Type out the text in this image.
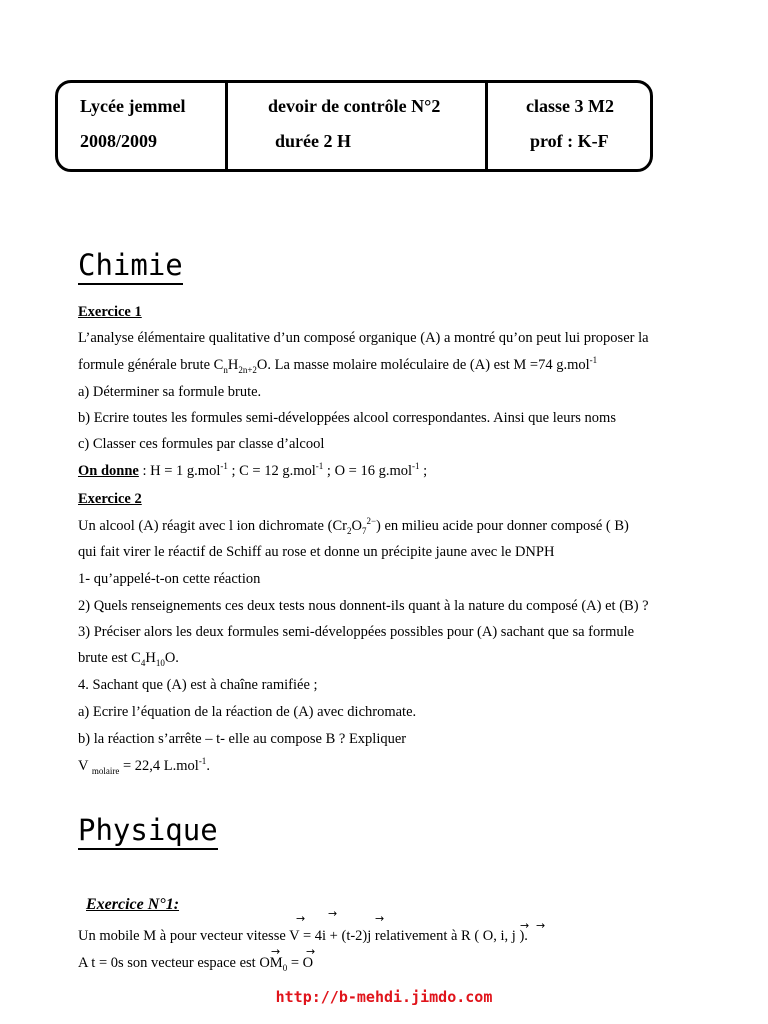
Lycée jemmel
2008/2009
devoir de contrôle N°2
durée 2 H
classe 3 M2
prof : K-F
Chimie
Exercice 1
L’analyse élémentaire qualitative d’un composé organique (A) a montré qu’on peut lui proposer la
formule générale brute $C_nH_{2n+2}O$. La masse molaire moléculaire de (A) est M =74 g.mol$^{-1}$
a) Déterminer sa formule brute.
b) Ecrire toutes les formules semi-développées alcool correspondantes. Ainsi que leurs noms
c) Classer ces formules par classe d’alcool
On donne : H = 1 g.mol$^{-1}$ ; C = 12 g.mol$^{-1}$ ; O = 16 g.mol$^{-1}$ ;
Exercice 2
Un alcool (A) réagit avec l ion dichromate $(Cr_2O_7^{2-})$ en milieu acide pour donner composé ( B)
qui fait virer le réactif de Schiff au rose et donne un précipite jaune avec le DNPH
1- qu’appelé-t-on cette réaction
2) Quels renseignements ces deux tests nous donnent-ils quant à la nature du composé (A) et (B) ?
3) Préciser alors les deux formules semi-développées possibles pour (A) sachant que sa formule
brute est $C_4H_{10}O$.
4. Sachant que (A) est à chaîne ramifiée ;
a) Ecrire l’équation de la réaction de (A) avec dichromate.
b) la réaction s’arrête – t- elle au compose B ? Expliquer
V $_{molaire}$ = 22,4 L.mol$^{-1}$.
Physique
Exercice N°1:
→ →	→
→ →
Un mobile M à pour vecteur vitesse V = 4i + (t-2)j relativement à R ( O, i, j ).
→ →
A t = 0s son vecteur espace est $OM_0 = O$
http://b-mehdi.jimdo.com
